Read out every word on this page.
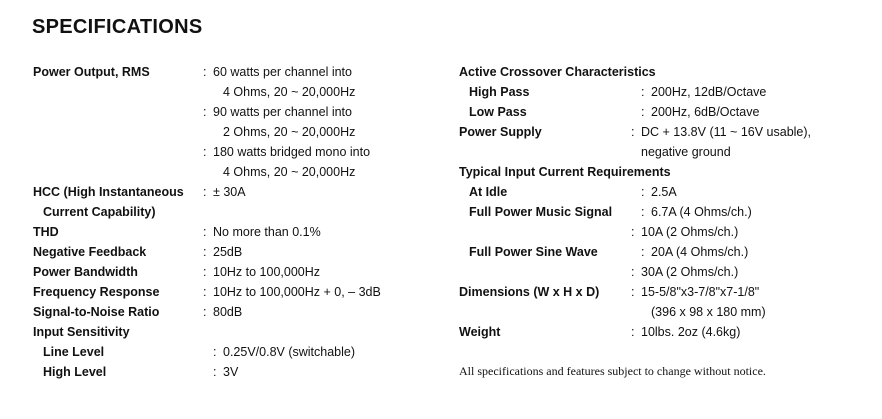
SPECIFICATIONS
Power Output, RMS	: 60 watts per channel into
4 Ohms, 20 ~ 20,000Hz
: 90 watts per channel into
2 Ohms, 20 ~ 20,000Hz
: 180 watts bridged mono into
4 Ohms, 20 ~ 20,000Hz
HCC (High Instantaneous	: ± 30A
Current Capability)
THD	: No more than 0.1%
Negative Feedback	: 25dB
Power Bandwidth	: 10Hz to 100,000Hz
Frequency Response	: 10Hz to 100,000Hz + 0, – 3dB
Signal-to-Noise Ratio	: 80dB
Input Sensitivity
Line Level	: 0.25V/0.8V (switchable)
High Level	: 3V
Active Crossover Characteristics
High Pass	: 200Hz, 12dB/Octave
Low Pass	: 200Hz, 6dB/Octave
Power Supply	: DC + 13.8V (11 ~ 16V usable),
negative ground
Typical Input Current Requirements
At Idle	: 2.5A
Full Power Music Signal	: 6.7A (4 Ohms/ch.)
: 10A (2 Ohms/ch.)
Full Power Sine Wave	: 20A (4 Ohms/ch.)
: 30A (2 Ohms/ch.)
Dimensions (W x H x D)	: 15-5/8"x3-7/8"x7-1/8"
(396 x 98 x 180 mm)
Weight	: 10lbs. 2oz (4.6kg)
All specifications and features subject to change without notice.
